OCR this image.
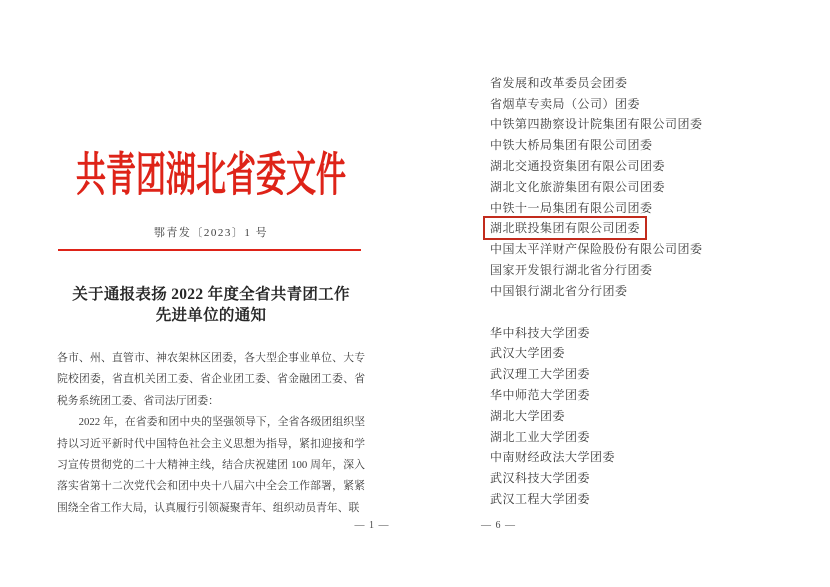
共青团湖北省委文件
鄂青发〔2023〕1 号
关于通报表扬 2022 年度全省共青团工作
先进单位的通知

各市、州、直管市、神农架林区团委，各大型企事业单位、大专院校团委，省直机关团工委、省企业团工委、省金融团工委、省税务系统团工委、省司法厅团委：

2022 年，在省委和团中央的坚强领导下，全省各级团组织坚持以习近平新时代中国特色社会主义思想为指导，紧扣迎接和学习宣传贯彻党的二十大精神主线，结合庆祝建团 100 周年，深入落实省第十二次党代会和团中央十八届六中全会工作部署，紧紧围绕全省工作大局，认真履行引领凝聚青年、组织动员青年、联

— 1 —
省发展和改革委员会团委
省烟草专卖局（公司）团委
中铁第四勘察设计院集团有限公司团委
中铁大桥局集团有限公司团委
湖北交通投资集团有限公司团委
湖北文化旅游集团有限公司团委
中铁十一局集团有限公司团委
湖北联投集团有限公司团委
中国太平洋财产保险股份有限公司团委
国家开发银行湖北省分行团委
中国银行湖北省分行团委
华中科技大学团委
武汉大学团委
武汉理工大学团委
华中师范大学团委
湖北大学团委
湖北工业大学团委
中南财经政法大学团委
武汉科技大学团委
武汉工程大学团委
— 6 —
